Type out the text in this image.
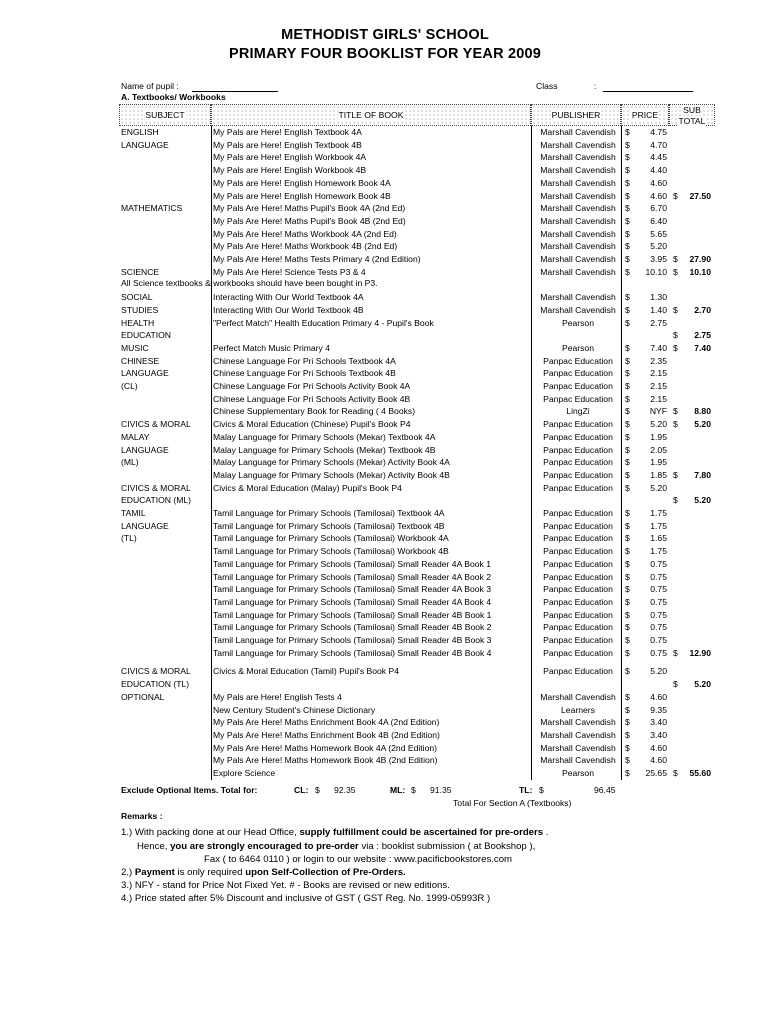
METHODIST GIRLS' SCHOOL
PRIMARY FOUR BOOKLIST FOR YEAR 2009
Name of pupil :	Class	:
A. Textbooks/ Workbooks
SUBJECT	TITLE OF BOOK	PUBLISHER	PRICE	SUB
TOTAL
ENGLISH	My Pals are Here! English Textbook 4A	Marshall Cavendish	$	4.75
LANGUAGE	My Pals are Here! English Textbook 4B	Marshall Cavendish	$	4.70
My Pals are Here! English Workbook 4A	Marshall Cavendish	$	4.45
My Pals are Here! English Workbook 4B	Marshall Cavendish	$	4.40
My Pals are Here! English Homework Book 4A	Marshall Cavendish	$	4.60
My Pals are Here! English Homework Book 4B	Marshall Cavendish	$	4.60 $	27.50
MATHEMATICS	My Pals Are Here! Maths Pupil's Book 4A (2nd Ed)	Marshall Cavendish	$	6.70
My Pals Are Here! Maths Pupil's Book 4B (2nd Ed)	Marshall Cavendish	$	6.40
My Pals Are Here! Maths Workbook 4A (2nd Ed)	Marshall Cavendish	$	5.65
My Pals Are Here! Maths Workbook 4B (2nd Ed)	Marshall Cavendish	$	5.20
My Pals Are Here! Maths Tests Primary 4 (2nd Edition)	Marshall Cavendish	$	3.95 $	27.90
SCIENCE	My Pals Are Here! Science Tests P3 & 4	Marshall Cavendish	$	10.10 $	10.10
All Science textbooks & workbooks should have been bought in P3.
SOCIAL	Interacting With Our World Textbook 4A	Marshall Cavendish	$	1.30
STUDIES	Interacting With Our World Textbook 4B	Marshall Cavendish	$	1.40 $	2.70
HEALTH	"Perfect Match" Health Education Primary 4 - Pupil's Book	Pearson	$	2.75
EDUCATION	$	2.75
MUSIC	Perfect Match Music Primary 4	Pearson	$	7.40 $	7.40
CHINESE	Chinese Language For Pri Schools Textbook 4A	Panpac Education	$	2.35
LANGUAGE	Chinese Language For Pri Schools Textbook 4B	Panpac Education	$	2.15
(CL)	Chinese Language For Pri Schools Activity Book 4A	Panpac Education	$	2.15
Chinese Language For Pri Schools Activity Book 4B	Panpac Education	$	2.15
Chinese Supplementary Book for Reading ( 4 Books)	LingZi	$	NYF $	8.80
CIVICS & MORAL	Civics & Moral Education (Chinese) Pupil's Book P4	Panpac Education	$	5.20 $	5.20
MALAY	Malay Language for Primary Schools (Mekar) Textbook 4A	Panpac Education	$	1.95
LANGUAGE	Malay Language for Primary Schools (Mekar) Textbook 4B	Panpac Education	$	2.05
(ML)	Malay Language for Primary Schools (Mekar) Activity Book 4A	Panpac Education	$	1.95
Malay Language for Primary Schools (Mekar) Activity Book 4B	Panpac Education	$	1.85 $	7.80
CIVICS & MORAL	Civics & Moral Education (Malay) Pupil's Book P4	Panpac Education	$	5.20
EDUCATION (ML)	$	5.20
TAMIL	Tamil Language for Primary Schools (Tamilosai) Textbook 4A	Panpac Education	$	1.75
LANGUAGE	Tamil Language for Primary Schools (Tamilosai) Textbook 4B	Panpac Education	$	1.75
(TL)	Tamil Language for Primary Schools (Tamilosai) Workbook 4A	Panpac Education	$	1.65
Tamil Language for Primary Schools (Tamilosai) Workbook 4B	Panpac Education	$	1.75
Tamil Language for Primary Schools (Tamilosai) Small Reader 4A Book 1	Panpac Education	$	0.75
Tamil Language for Primary Schools (Tamilosai) Small Reader 4A Book 2	Panpac Education	$	0.75
Tamil Language for Primary Schools (Tamilosai) Small Reader 4A Book 3	Panpac Education	$	0.75
Tamil Language for Primary Schools (Tamilosai) Small Reader 4A Book 4	Panpac Education	$	0.75
Tamil Language for Primary Schools (Tamilosai) Small Reader 4B Book 1	Panpac Education	$	0.75
Tamil Language for Primary Schools (Tamilosai) Small Reader 4B Book 2	Panpac Education	$	0.75
Tamil Language for Primary Schools (Tamilosai) Small Reader 4B Book 3	Panpac Education	$	0.75
Tamil Language for Primary Schools (Tamilosai) Small Reader 4B Book 4	Panpac Education	$	0.75 $	12.90
CIVICS & MORAL	Civics & Moral Education (Tamil) Pupil's Book P4	Panpac Education	$	5.20
EDUCATION (TL)	$	5.20
OPTIONAL	My Pals are Here! English Tests 4	Marshall Cavendish	$	4.60
New Century Student's Chinese Dictionary	Learners	$	9.35
My Pals Are Here! Maths Enrichment Book 4A (2nd Edition)	Marshall Cavendish	$	3.40
My Pals Are Here! Maths Enrichment Book 4B (2nd Edition)	Marshall Cavendish	$	3.40
My Pals Are Here! Maths Homework Book 4A (2nd Edition)	Marshall Cavendish	$	4.60
My Pals Are Here! Maths Homework Book 4B (2nd Edition)	Marshall Cavendish	$	4.60
Explore Science	Pearson	$	25.65 $	55.60
Exclude Optional Items. Total for:	CL: $ 92.35	ML: $ 91.35	TL: $	96.45
Total For Section A (Textbooks)
Remarks :
1.) With packing done at our Head Office, supply fulfillment could be ascertained for pre-orders .
Hence, you are strongly encouraged to pre-order via : booklist submission ( at Bookshop ),
Fax ( to 6464 0110 ) or login to our website : www.pacificbookstores.com
2.) Payment is only required upon Self-Collection of Pre-Orders.
3.) NFY - stand for Price Not Fixed Yet. # - Books are revised or new editions.
4.) Price stated after 5% Discount and inclusive of GST ( GST Reg. No. 1999-05993R )
